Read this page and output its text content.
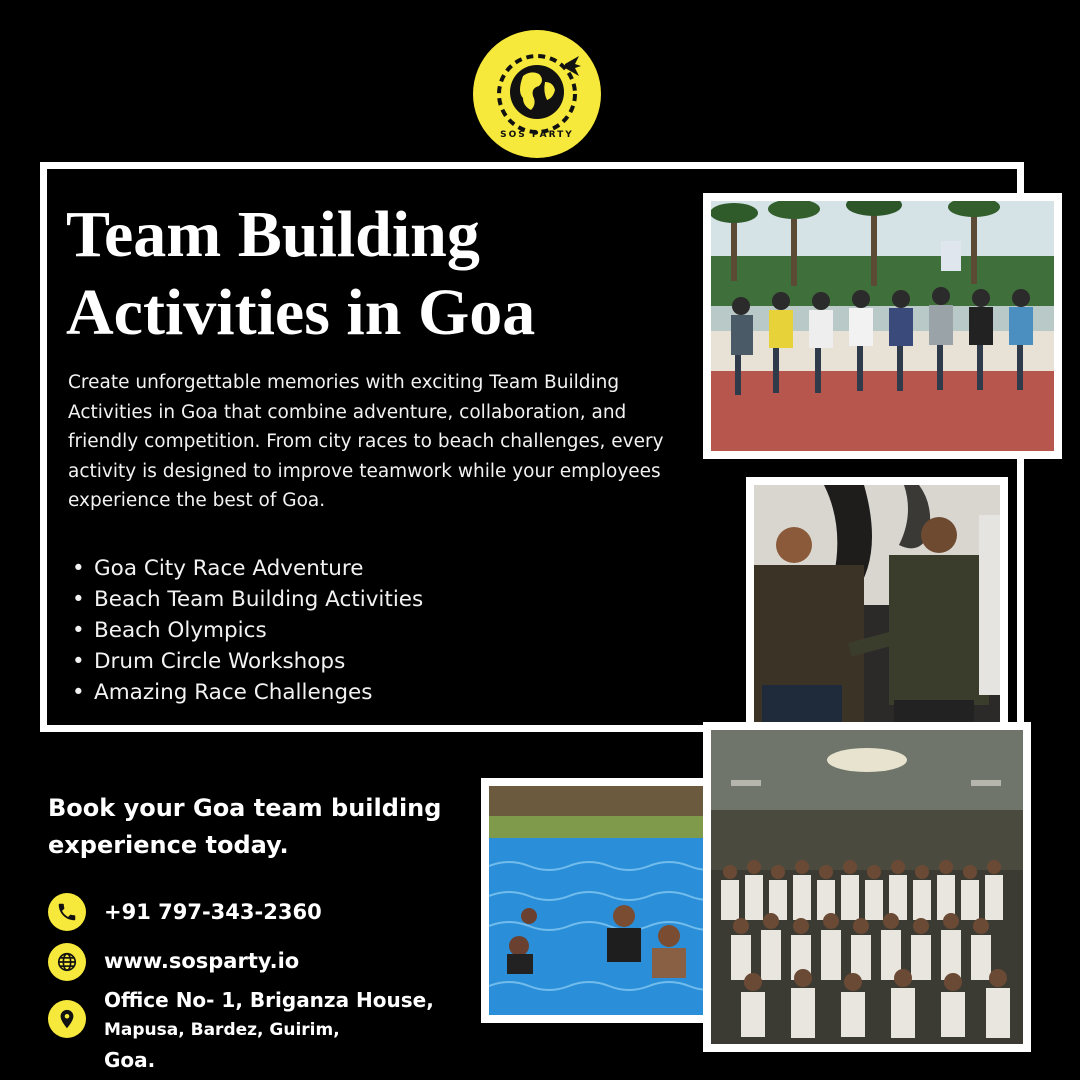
SOS PARTY
Team Building
Activities in Goa

Create unforgettable memories with exciting Team Building Activities in Goa that combine adventure, collaboration, and friendly competition. From city races to beach challenges, every activity is designed to improve teamwork while your employees experience the best of Goa.

• Goa City Race Adventure
• Beach Team Building Activities
• Beach Olympics
• Drum Circle Workshops
• Amazing Race Challenges

Book your Goa team building
experience today.

+91 797-343-2360
www.sosparty.io
Office No- 1, Briganza House,
Mapusa, Bardez, Guirim,
Goa.
